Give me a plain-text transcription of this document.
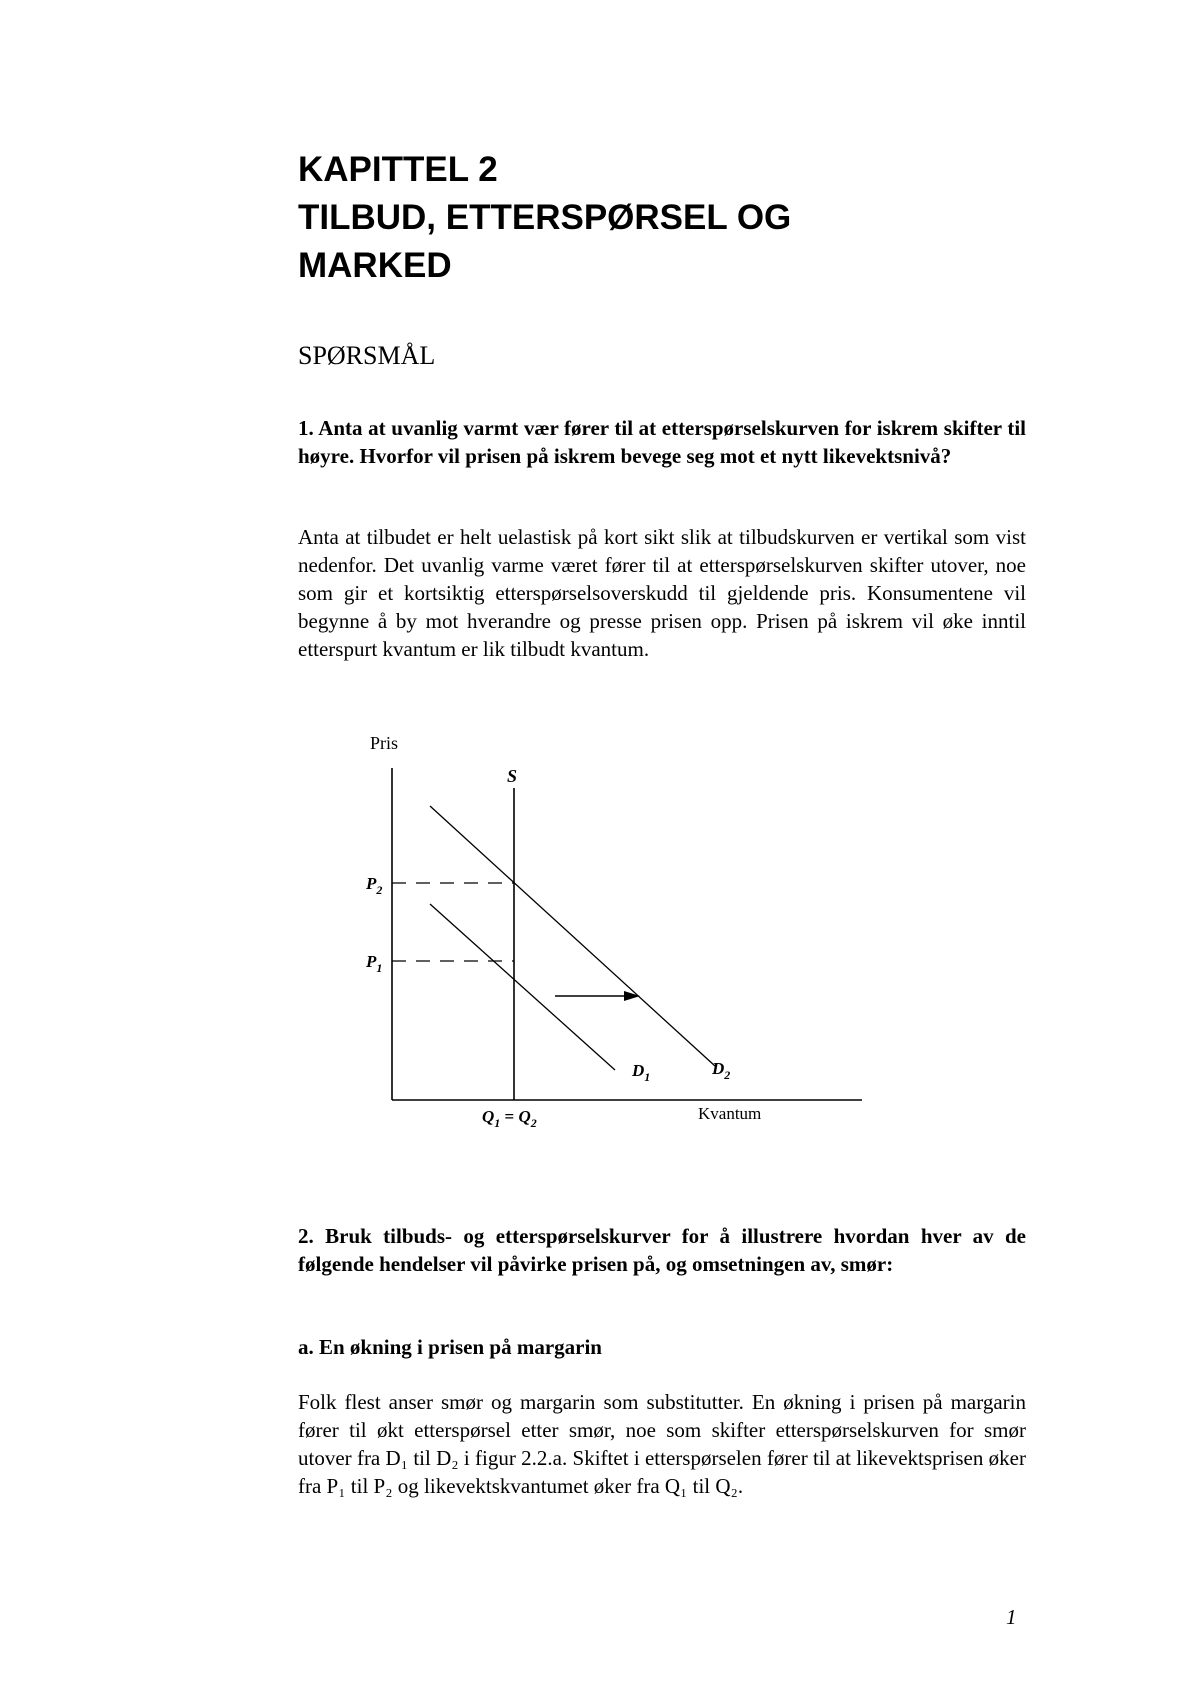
KAPITTEL 2
TILBUD, ETTERSPØRSEL OG
MARKED
SPØRSMÅL
1. Anta at uvanlig varmt vær fører til at etterspørselskurven for iskrem skifter til høyre. Hvorfor vil prisen på iskrem bevege seg mot et nytt likevektsnivå?
Anta at tilbudet er helt uelastisk på kort sikt slik at tilbudskurven er vertikal som vist nedenfor. Det uvanlig varme været fører til at etterspørselskurven skifter utover, noe som gir et kortsiktig etterspørselsoverskudd til gjeldende pris. Konsumentene vil begynne å by mot hverandre og presse prisen opp. Prisen på iskrem vil øke inntil etterspurt kvantum er lik tilbudt kvantum.
Pris
S
$P_2$
$P_1$
$D_1$	$D_2$
$Q_1 = Q_2$	Kvantum
2. Bruk tilbuds- og etterspørselskurver for å illustrere hvordan hver av de følgende hendelser vil påvirke prisen på, og omsetningen av, smør:
a. En økning i prisen på margarin
Folk flest anser smør og margarin som substitutter. En økning i prisen på margarin fører til økt etterspørsel etter smør, noe som skifter etterspørselskurven for smør utover fra D₁ til D₂ i figur 2.2.a. Skiftet i etterspørselen fører til at likevektsprisen øker fra P₁ til P₂ og likevektskvantumet øker fra Q₁ til Q₂.
1
